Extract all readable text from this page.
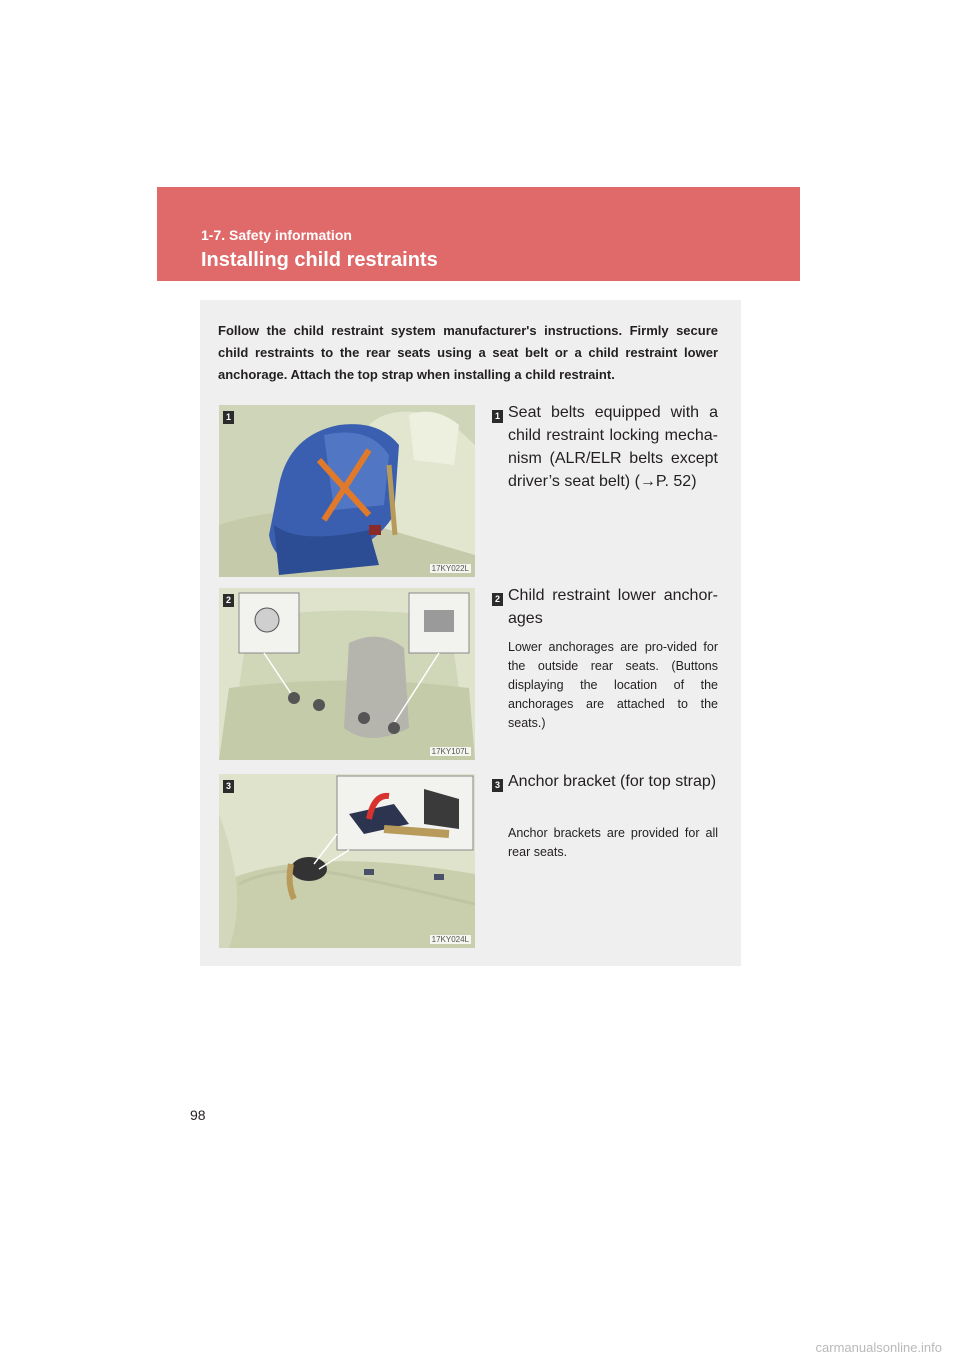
1-7. Safety information
Installing child restraints
Follow the child restraint system manufacturer's instructions. Firmly secure child restraints to the rear seats using a seat belt or a child restraint lower anchorage. Attach the top strap when installing a child restraint.
1
17KY022L
1 Seat belts equipped with a child restraint locking mecha-nism (ALR/ELR belts except driver’s seat belt) (→P. 52)
2
17KY107L
2 Child restraint lower anchor-ages
Lower anchorages are pro-vided for the outside rear seats. (Buttons displaying the location of the anchorages are attached to the seats.)
3
17KY024L
3 Anchor bracket (for top strap)
Anchor brackets are provided for all rear seats.
98
carmanualsonline.info
